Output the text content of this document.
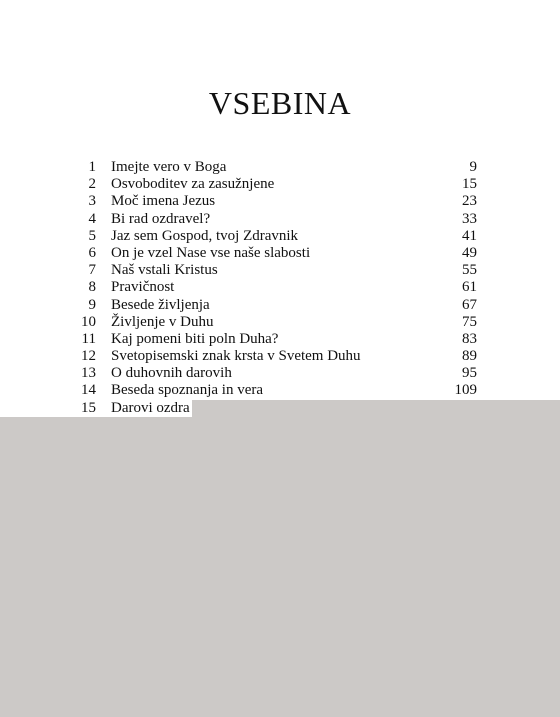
VSEBINA
1 Imejte vero v Boga	9
2 Osvoboditev za zasužnjene	15
3 Moč imena Jezus	23
4 Bi rad ozdravel?	33
5 Jaz sem Gospod, tvoj Zdravnik	41
6 On je vzel Nase vse naše slabosti	49
7 Naš vstali Kristus	55
8 Pravičnost	61
9 Besede življenja	67
10 Življenje v Duhu	75
11 Kaj pomeni biti poln Duha?	83
12 Svetopisemski znak krsta v Svetem Duhu	89
13 O duhovnih darovih	95
14 Beseda spoznanja in vera	109
15 Darovi ozdra
